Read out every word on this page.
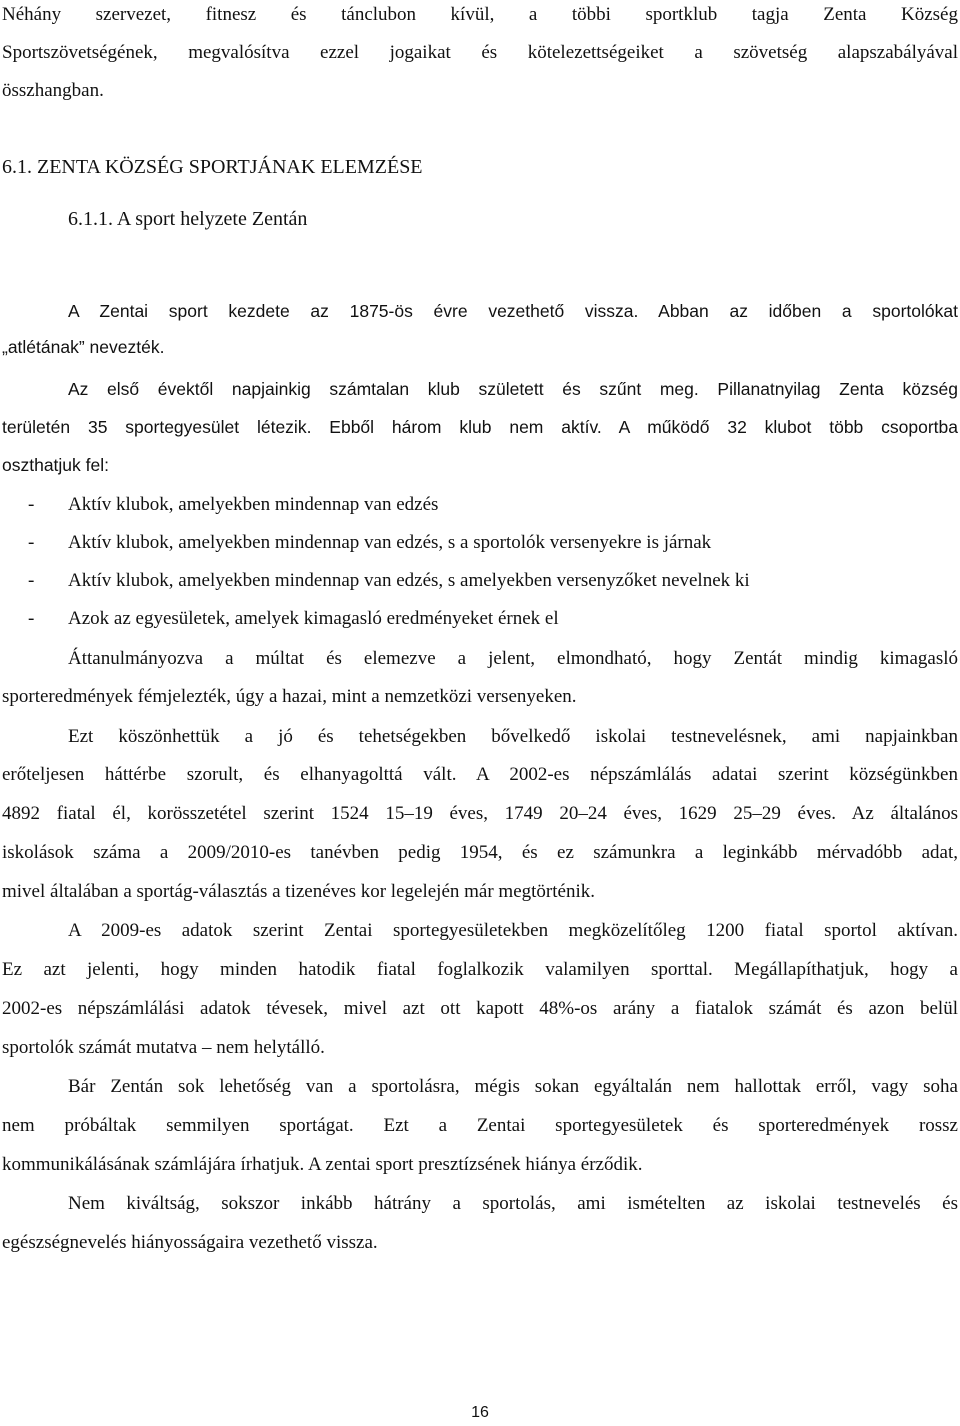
Néhány szervezet, fitnesz és tánclubon kívül, a többi sportklub tagja Zenta Község
Sportszövetségének, megvalósítva ezzel jogaikat és kötelezettségeiket a szövetség alapszabályával
összhangban.
6.1. ZENTA KÖZSÉG SPORTJÁNAK ELEMZÉSE
6.1.1. A sport helyzete Zentán
A Zentai sport kezdete az 1875-ös évre vezethető vissza. Abban az időben a sportolókat
„atlétának” nevezték.
Az első évektől napjainkig számtalan klub született és szűnt meg. Pillanatnyilag Zenta község
területén 35 sportegyesület létezik. Ebből három klub nem aktív. A működő 32 klubot több csoportba
oszthatjuk fel:
- Aktív klubok, amelyekben mindennap van edzés
- Aktív klubok, amelyekben mindennap van edzés, s a sportolók versenyekre is járnak
- Aktív klubok, amelyekben mindennap van edzés, s amelyekben versenyzőket nevelnek ki
- Azok az egyesületek, amelyek kimagasló eredményeket érnek el
Áttanulmányozva a múltat és elemezve a jelent, elmondható, hogy Zentát mindig kimagasló
sporteredmények fémjelezték, úgy a hazai, mint a nemzetközi versenyeken.
Ezt köszönhettük a jó és tehetségekben bővelkedő iskolai testnevelésnek, ami napjainkban
erőteljesen háttérbe szorult, és elhanyagolttá vált. A 2002-es népszámlálás adatai szerint községünkben
4892 fiatal él, korösszetétel szerint 1524 15–19 éves, 1749 20–24 éves, 1629 25–29 éves. Az általános
iskolások száma a 2009/2010-es tanévben pedig 1954, és ez számunkra a leginkább mérvadóbb adat,
mivel általában a sportág-választás a tizenéves kor legelején már megtörténik.
A 2009-es adatok szerint Zentai sportegyesületekben megközelítőleg 1200 fiatal sportol aktívan.
Ez azt jelenti, hogy minden hatodik fiatal foglalkozik valamilyen sporttal. Megállapíthatjuk, hogy a
2002-es népszámlálási adatok tévesek, mivel azt ott kapott 48%-os arány a fiatalok számát és azon belül
sportolók számát mutatva – nem helytálló.
Bár Zentán sok lehetőség van a sportolásra, mégis sokan egyáltalán nem hallottak erről, vagy soha
nem próbáltak semmilyen sportágat. Ezt a Zentai sportegyesületek és sporteredmények rossz
kommunikálásának számlájára írhatjuk. A zentai sport presztízsének hiánya érződik.
Nem kiváltság, sokszor inkább hátrány a sportolás, ami ismételten az iskolai testnevelés és
egészségnevelés hiányosságaira vezethető vissza.
16
